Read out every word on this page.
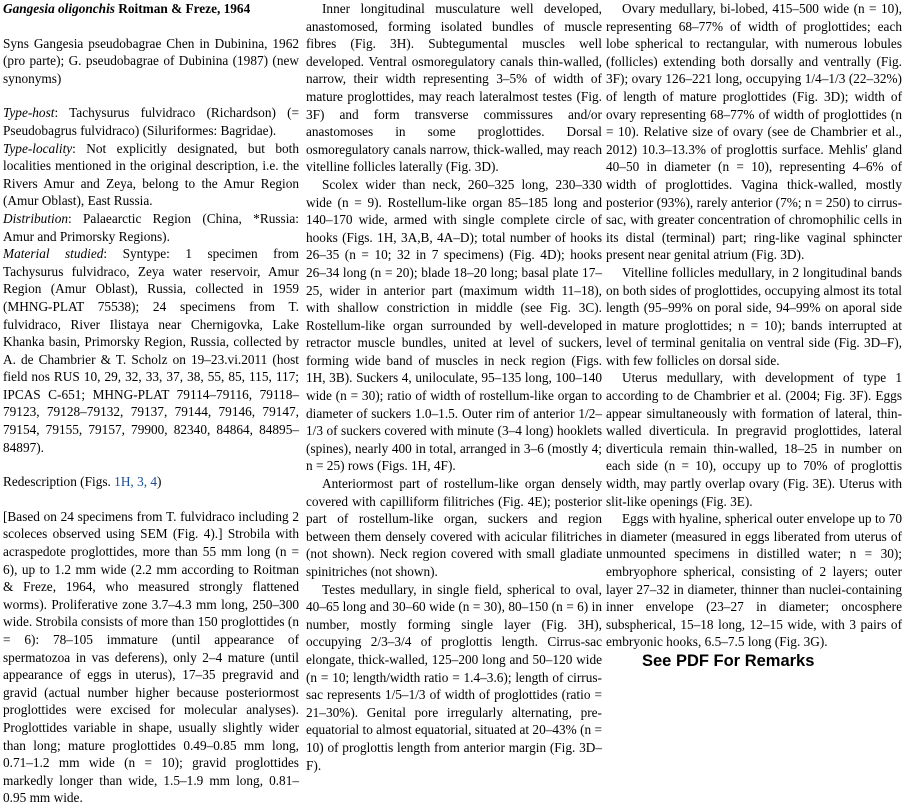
Gangesia oligonchis Roitman & Freze, 1964

Syns Gangesia pseudobagrae Chen in Dubinina, 1962 (pro parte); G. pseudobagrae of Dubinina (1987) (new synonyms)

Type-host: Tachysurus fulvidraco (Richardson) (= Pseudobagrus fulvidraco) (Siluriformes: Bagridae).

Type-locality: Not explicitly designated, but both localities mentioned in the original description, i.e. the Rivers Amur and Zeya, belong to the Amur Region (Amur Oblast), East Russia.

Distribution: Palaearctic Region (China, *Russia: Amur and Primorsky Regions).

Material studied: Syntype: 1 specimen from Tachysurus fulvidraco, Zeya water reservoir, Amur Region (Amur Oblast), Russia, collected in 1959 (MHNG-PLAT 75538); 24 specimens from T. fulvidraco, River Ilistaya near Chernigovka, Lake Khanka basin, Primorsky Region, Russia, collected by A. de Chambrier & T. Scholz on 19–23.vi.2011 (host field nos RUS 10, 29, 32, 33, 37, 38, 55, 85, 115, 117; IPCAS C-651; MHNG-PLAT 79114–79116, 79118–79123, 79128–79132, 79137, 79144, 79146, 79147, 79154, 79155, 79157, 79900, 82340, 84864, 84895–84897).

Redescription (Figs. 1H, 3, 4)

[Based on 24 specimens from T. fulvidraco including 2 scoleces observed using SEM (Fig. 4).] Strobila with acraspedote proglottides, more than 55 mm long (n = 6), up to 1.2 mm wide (2.2 mm according to Roitman & Freze, 1964, who measured strongly flattened worms). Proliferative zone 3.7–4.3 mm long, 250–300 wide. Strobila consists of more than 150 proglottides (n = 6): 78–105 immature (until appearance of spermatozoa in vas deferens), only 2–4 mature (until appearance of eggs in uterus), 17–35 pregravid and gravid (actual number higher because posteriormost proglottides were excised for molecular analyses). Proglottides variable in shape, usually slightly wider than long; mature proglottides 0.49–0.85 mm long, 0.71–1.2 mm wide (n = 10); gravid proglottides markedly longer than wide, 1.5–1.9 mm long, 0.81–0.95 mm wide.

Inner longitudinal musculature well developed, anastomosed, forming isolated bundles of muscle fibres (Fig. 3H). Subtegumental muscles well developed. Ventral osmoregulatory canals thin-walled, narrow, their width representing 3–5% of width of mature proglottides, may reach lateralmost testes (Fig. 3F) and form transverse commissures and/or anastomoses in some proglottides. Dorsal osmoregulatory canals narrow, thick-walled, may reach vitelline follicles laterally (Fig. 3D).

Scolex wider than neck, 260–325 long, 230–330 wide (n = 9). Rostellum-like organ 85–185 long and 140–170 wide, armed with single complete circle of hooks (Figs. 1H, 3A,B, 4A–D); total number of hooks 26–35 (n = 10; 32 in 7 specimens) (Fig. 4D); hooks 26–34 long (n = 20); blade 18–20 long; basal plate 17–25, wider in anterior part (maximum width 11–18), with shallow constriction in middle (see Fig. 3C). Rostellum-like organ surrounded by well-developed retractor muscle bundles, united at level of suckers, forming wide band of muscles in neck region (Figs. 1H, 3B). Suckers 4, uniloculate, 95–135 long, 100–140 wide (n = 30); ratio of width of rostellum-like organ to diameter of suckers 1.0–1.5. Outer rim of anterior 1/2–1/3 of suckers covered with minute (3–4 long) hooklets (spines), nearly 400 in total, arranged in 3–6 (mostly 4; n = 25) rows (Figs. 1H, 4F).

Anteriormost part of rostellum-like organ densely covered with capilliform filitriches (Fig. 4E); posterior part of rostellum-like organ, suckers and region between them densely covered with acicular filitriches (not shown). Neck region covered with small gladiate spinitriches (not shown).

Testes medullary, in single field, spherical to oval, 40–65 long and 30–60 wide (n = 30), 80–150 (n = 6) in number, mostly forming single layer (Fig. 3H), occupying 2/3–3/4 of proglottis length. Cirrus-sac elongate, thick-walled, 125–200 long and 50–120 wide (n = 10; length/width ratio = 1.4–3.6); length of cirrus-sac represents 1/5–1/3 of width of proglottides (ratio = 21–30%). Genital pore irregularly alternating, pre-equatorial to almost equatorial, situated at 20–43% (n = 10) of proglottis length from anterior margin (Fig. 3D–F).

Ovary medullary, bi-lobed, 415–500 wide (n = 10), representing 68–77% of width of proglottides; each lobe spherical to rectangular, with numerous lobules (follicles) extending both dorsally and ventrally (Fig. 3F); ovary 126–221 long, occupying 1/4–1/3 (22–32%) of length of mature proglottides (Fig. 3D); width of ovary representing 68–77% of width of proglottides (n = 10). Relative size of ovary (see de Chambrier et al., 2012) 10.3–13.3% of proglottis surface. Mehlis' gland 40–50 in diameter (n = 10), representing 4–6% of width of proglottides. Vagina thick-walled, mostly posterior (93%), rarely anterior (7%; n = 250) to cirrus-sac, with greater concentration of chromophilic cells in its distal (terminal) part; ring-like vaginal sphincter present near genital atrium (Fig. 3D).

Vitelline follicles medullary, in 2 longitudinal bands on both sides of proglottides, occupying almost its total length (95–99% on poral side, 94–99% on aporal side in mature proglottides; n = 10); bands interrupted at level of terminal genitalia on ventral side (Fig. 3D–F), with few follicles on dorsal side.

Uterus medullary, with development of type 1 according to de Chambrier et al. (2004; Fig. 3F). Eggs appear simultaneously with formation of lateral, thin-walled diverticula. In pregravid proglottides, lateral diverticula remain thin-walled, 18–25 in number on each side (n = 10), occupy up to 70% of proglottis width, may partly overlap ovary (Fig. 3E). Uterus with slit-like openings (Fig. 3E).

Eggs with hyaline, spherical outer envelope up to 70 in diameter (measured in eggs liberated from uterus of unmounted specimens in distilled water; n = 30); embryophore spherical, consisting of 2 layers; outer layer 27–32 in diameter, thinner than nuclei-containing inner envelope (23–27 in diameter; oncosphere subspherical, 15–18 long, 12–15 wide, with 3 pairs of embryonic hooks, 6.5–7.5 long (Fig. 3G).

See PDF For Remarks
